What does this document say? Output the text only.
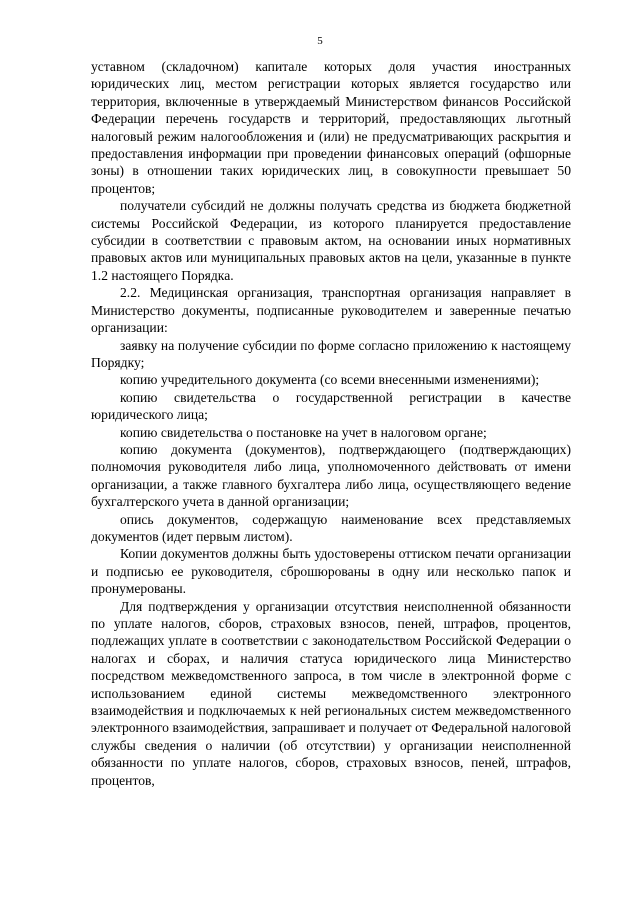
5

уставном (складочном) капитале которых доля участия иностранных юридических лиц, местом регистрации которых является государство или территория, включенные в утверждаемый Министерством финансов Российской Федерации перечень государств и территорий, предоставляющих льготный налоговый режим налогообложения и (или) не предусматривающих раскрытия и предоставления информации при проведении финансовых операций (офшорные зоны) в отношении таких юридических лиц, в совокупности превышает 50 процентов;

получатели субсидий не должны получать средства из бюджета бюджетной системы Российской Федерации, из которого планируется предоставление субсидии в соответствии с правовым актом, на основании иных нормативных правовых актов или муниципальных правовых актов на цели, указанные в пункте 1.2 настоящего Порядка.

2.2. Медицинская организация, транспортная организация направляет в Министерство документы, подписанные руководителем и заверенные печатью организации:

заявку на получение субсидии по форме согласно приложению к настоящему Порядку;

копию учредительного документа (со всеми внесенными изменениями);

копию свидетельства о государственной регистрации в качестве юридического лица;

копию свидетельства о постановке на учет в налоговом органе;

копию документа (документов), подтверждающего (подтверждающих) полномочия руководителя либо лица, уполномоченного действовать от имени организации, а также главного бухгалтера либо лица, осуществляющего ведение бухгалтерского учета в данной организации;

опись документов, содержащую наименование всех представляемых документов (идет первым листом).

Копии документов должны быть удостоверены оттиском печати организации и подписью ее руководителя, сброшюрованы в одну или несколько папок и пронумерованы.

Для подтверждения у организации отсутствия неисполненной обязанности по уплате налогов, сборов, страховых взносов, пеней, штрафов, процентов, подлежащих уплате в соответствии с законодательством Российской Федерации о налогах и сборах, и наличия статуса юридического лица Министерство посредством межведомственного запроса, в том числе в электронной форме с использованием единой системы межведомственного электронного взаимодействия и подключаемых к ней региональных систем межведомственного электронного взаимодействия, запрашивает и получает от Федеральной налоговой службы сведения о наличии (об отсутствии) у организации неисполненной обязанности по уплате налогов, сборов, страховых взносов, пеней, штрафов, процентов,
